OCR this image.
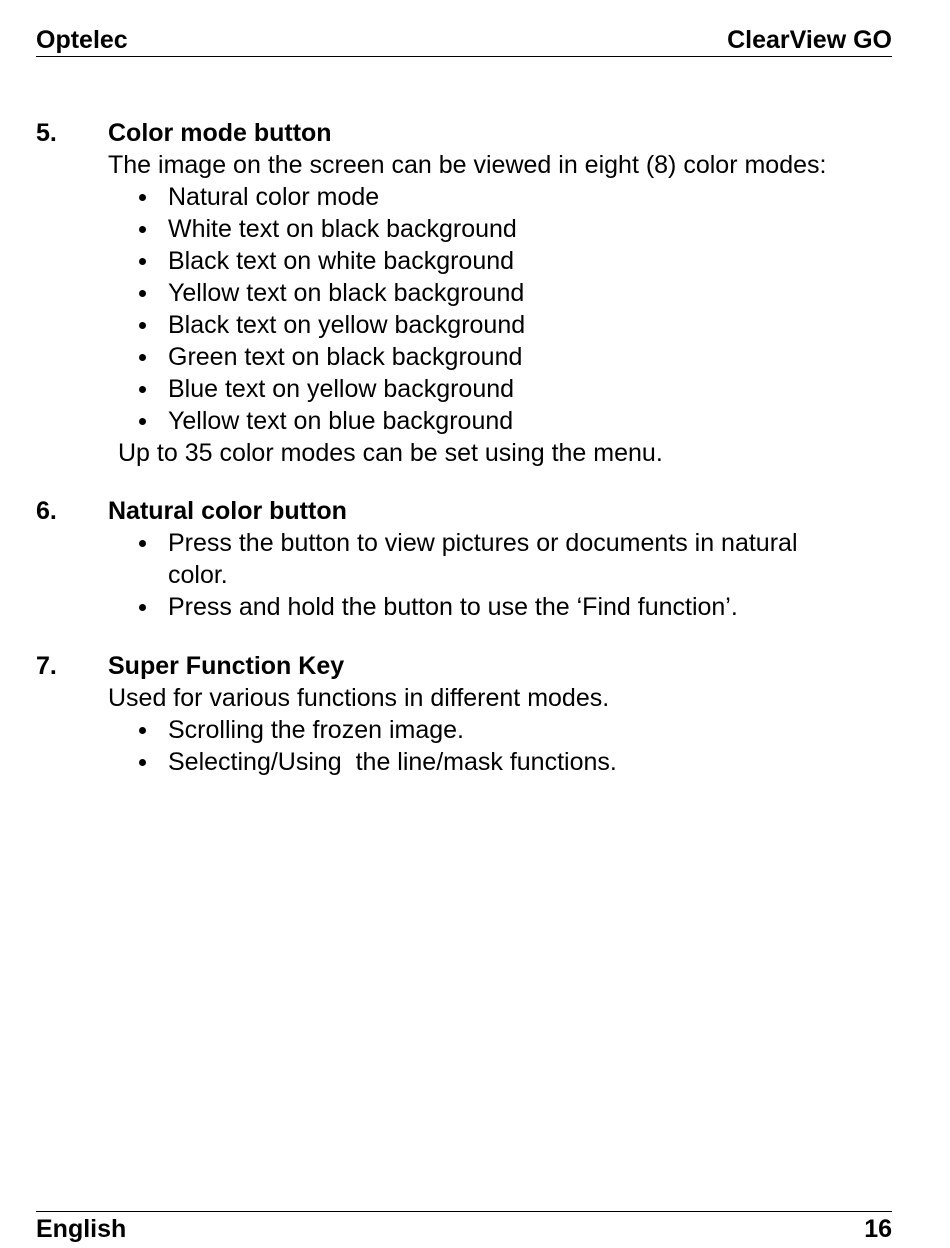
Optelec	ClearView GO
5.	Color mode button
The image on the screen can be viewed in eight (8) color modes:
Natural color mode
White text on black background
Black text on white background
Yellow text on black background
Black text on yellow background
Green text on black background
Blue text on yellow background
Yellow text on blue background
Up to 35 color modes can be set using the menu.
6.	Natural color button
Press the button to view pictures or documents in natural color.
Press and hold the button to use the ‘Find function’.
7.	Super Function Key
Used for various functions in different modes.
Scrolling the frozen image.
Selecting/Using  the line/mask functions.
English	16
